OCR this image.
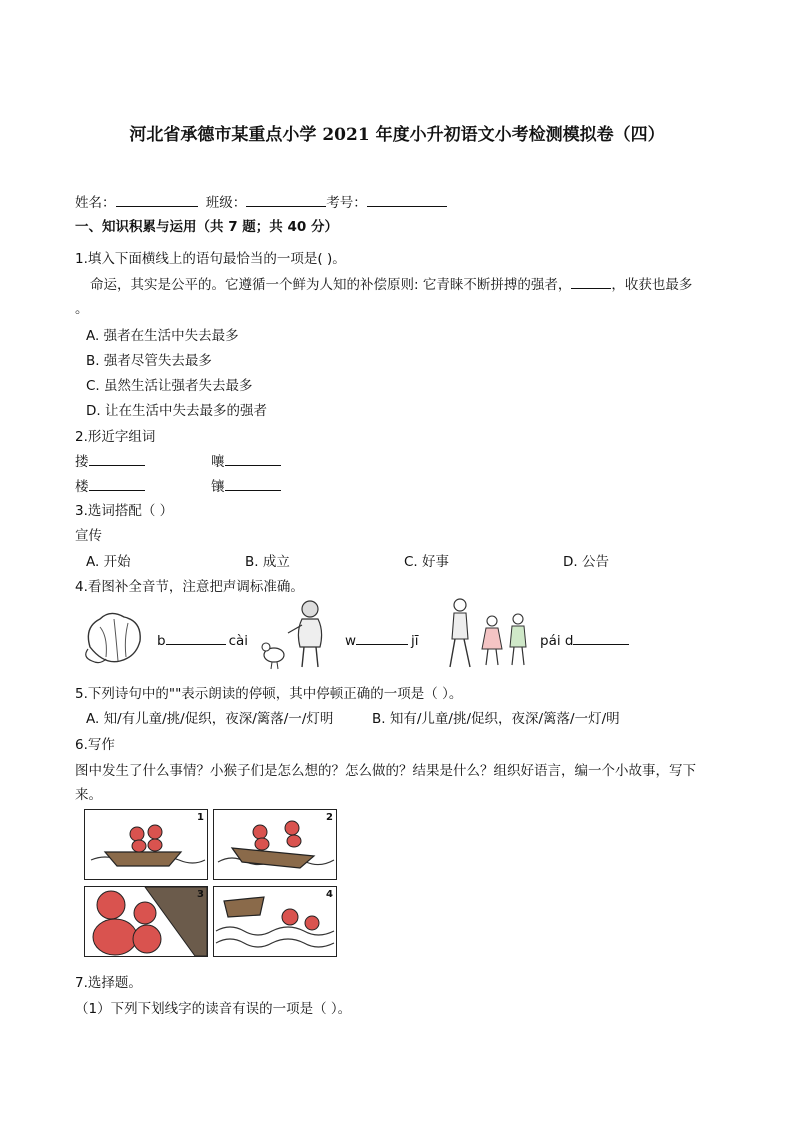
河北省承德市某重点小学 2021 年度小升初语文小考检测模拟卷（四）
姓名：	班级：	考号：
一、知识积累与运用（共 7 题；共 40 分）
1.填入下面横线上的语句最恰当的一项是( )。
命运，其实是公平的。它遵循一个鲜为人知的补偿原则: 它青睐不断拼搏的强者，	，收获也最多
。
A. 强者在生活中失去最多
B. 强者尽管失去最多
C. 虽然生活让强者失去最多
D. 让在生活中失去最多的强者
2.形近字组词
搂	嚷
楼	镶
3.选词搭配（ ）
宣传
A. 开始	B. 成立	C. 好事	D. 公告
4.看图补全音节，注意把声调标准确。
b	cài	w	jī	pái d
5.下列诗句中的""表示朗读的停顿，其中停顿正确的一项是（ ）。
A. 知/有儿童/挑/促织，夜深/篱落/一/灯明	B. 知有/儿童/挑/促织，夜深/篱落/一灯/明
6.写作
图中发生了什么事情？小猴子们是怎么想的？怎么做的？结果是什么？组织好语言，编一个小故事，写下
来。
1	2
3	4
7.选择题。
（1）下列下划线字的读音有误的一项是（ ）。
